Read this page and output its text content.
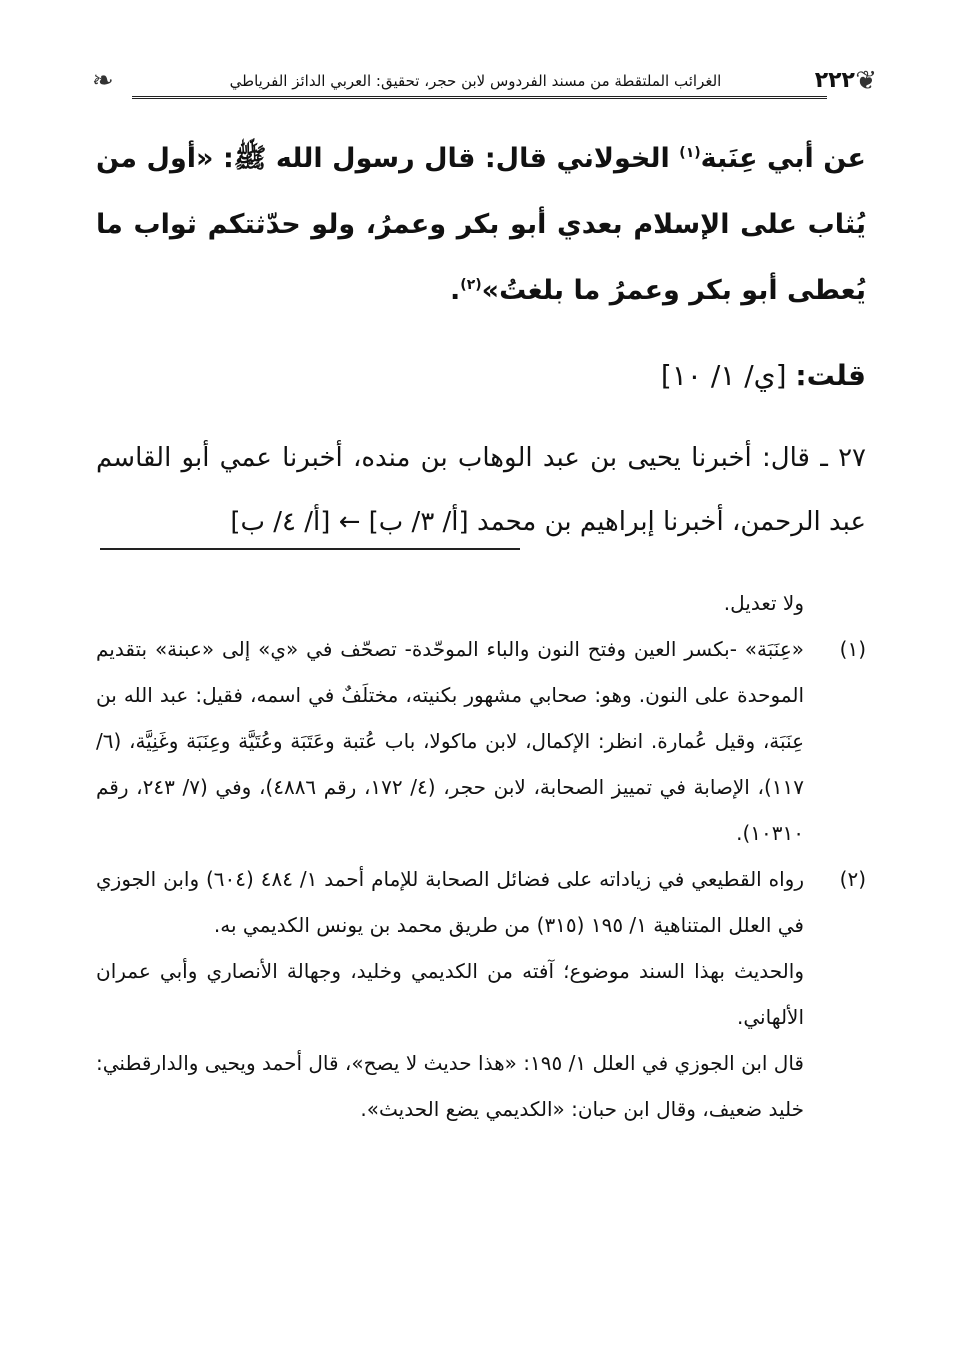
❦
٢٢٢
الغرائب الملتقطة من مسند الفردوس لابن حجر، تحقيق: العربي الدائز الفرياطي
❧

عن أبي عِنَبة$^{(١)}$ الخولاني قال: قال رسول الله ﷺ: «أول من يُثاب على الإسلام بعدي أبو بكر وعمرُ، ولو حدّثتكم ثواب ما يُعطى أبو بكر وعمرُ ما بلغتُ»$^{(٢)}$.

قلت: [ي/ ١/ ١٠]

٢٧ ـ قال: أخبرنا يحيى بن عبد الوهاب بن منده، أخبرنا عمي أبو القاسم عبد الرحمن، أخبرنا إبراهيم بن محمد [أ/ ٣/ ب] ← [أ/ ٤/ ب]

ولا تعديل.

(١)

«عِنَبَة» -بكسر العين وفتح النون والباء الموحّدة- تصحّف في «ي» إلى «عبنة» بتقديم الموحدة على النون. وهو: صحابي مشهور بكنيته، مختلَفٌ في اسمه، فقيل: عبد الله بن عِنَبَة، وقيل عُمارة. انظر: الإكمال، لابن ماكولا، باب عُتبة وعَتَبَة وعُتَيَّة وعِنَبَة وغَنِيَّة، (٦/ ١١٧)، الإصابة في تمييز الصحابة، لابن حجر، (٤/ ١٧٢، رقم ٤٨٨٦)، وفي (٧/ ٢٤٣، رقم ١٠٣١٠).

(٢)

رواه القطيعي في زياداته على فضائل الصحابة للإمام أحمد ١/ ٤٨٤ (٦٠٤) وابن الجوزي في العلل المتناهية ١/ ١٩٥ (٣١٥) من طريق محمد بن يونس الكديمي به.

والحديث بهذا السند موضوع؛ آفته من الكديمي وخليد، وجهالة الأنصاري وأبي عمران الألهاني.

قال ابن الجوزي في العلل ١/ ١٩٥: «هذا حديث لا يصح»، قال أحمد ويحيى والدارقطني: خليد ضعيف، وقال ابن حبان: «الكديمي يضع الحديث».
